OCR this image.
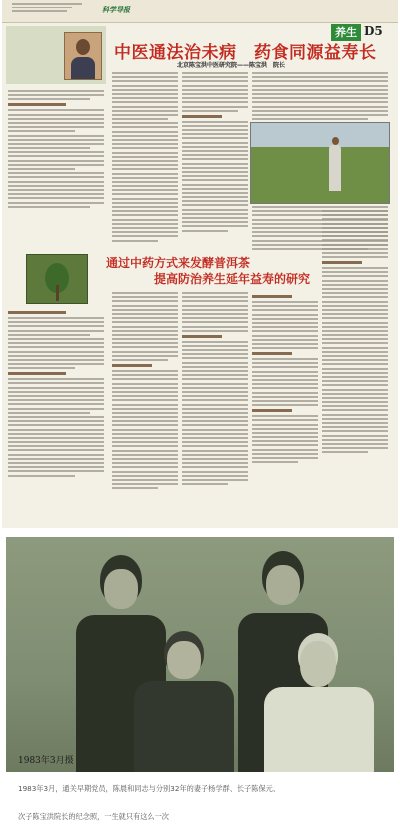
科学导报
养生 D5
中医通法治未病　药食同源益寿长
北京陈宝洪中医研究院——陈宝洪　院长
通过中药方式来发酵普洱茶
提高防治养生延年益寿的研究
1983年3月摄
1983年3月，通关早期党员，陈晨和同志与分别32年的妻子杨学群、长子陈保元、
次子陈宝洪院长的纪念照，一生就只有这么一次
